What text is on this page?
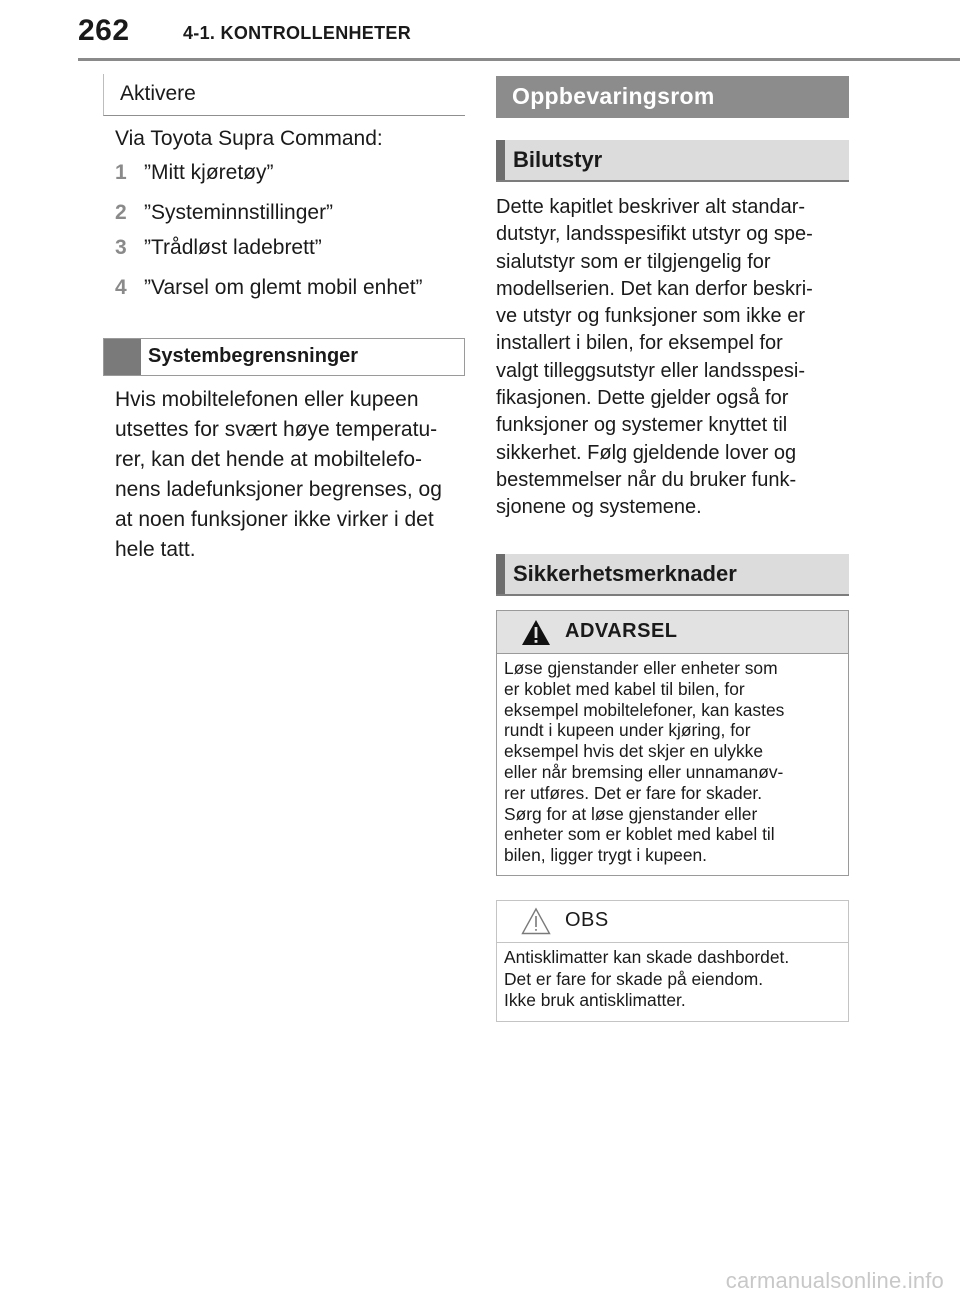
262	4-1. KONTROLLENHETER
Aktivere
Via Toyota Supra Command:
1 ”Mitt kjøretøy”
2 ”Systeminnstillinger”
3 ”Trådløst ladebrett”
4 ”Varsel om glemt mobil enhet”
Systembegrensninger
Hvis mobiltelefonen eller kupeen
utsettes for svært høye temperatu-
rer, kan det hende at mobiltelefo-
nens ladefunksjoner begrenses, og
at noen funksjoner ikke virker i det
hele tatt.
Oppbevaringsrom
Bilutstyr
Dette kapitlet beskriver alt standar-
dutstyr, landsspesifikt utstyr og spe-
sialutstyr som er tilgjengelig for
modellserien. Det kan derfor beskri-
ve utstyr og funksjoner som ikke er
installert i bilen, for eksempel for
valgt tilleggsutstyr eller landsspesi-
fikasjonen. Dette gjelder også for
funksjoner og systemer knyttet til
sikkerhet. Følg gjeldende lover og
bestemmelser når du bruker funk-
sjonene og systemene.
Sikkerhetsmerknader
ADVARSEL
Løse gjenstander eller enheter som
er koblet med kabel til bilen, for
eksempel mobiltelefoner, kan kastes
rundt i kupeen under kjøring, for
eksempel hvis det skjer en ulykke
eller når bremsing eller unnamanøv-
rer utføres. Det er fare for skader.
Sørg for at løse gjenstander eller
enheter som er koblet med kabel til
bilen, ligger trygt i kupeen.
OBS
Antisklimatter kan skade dashbordet.
Det er fare for skade på eiendom.
Ikke bruk antisklimatter.
carmanualsonline.info
